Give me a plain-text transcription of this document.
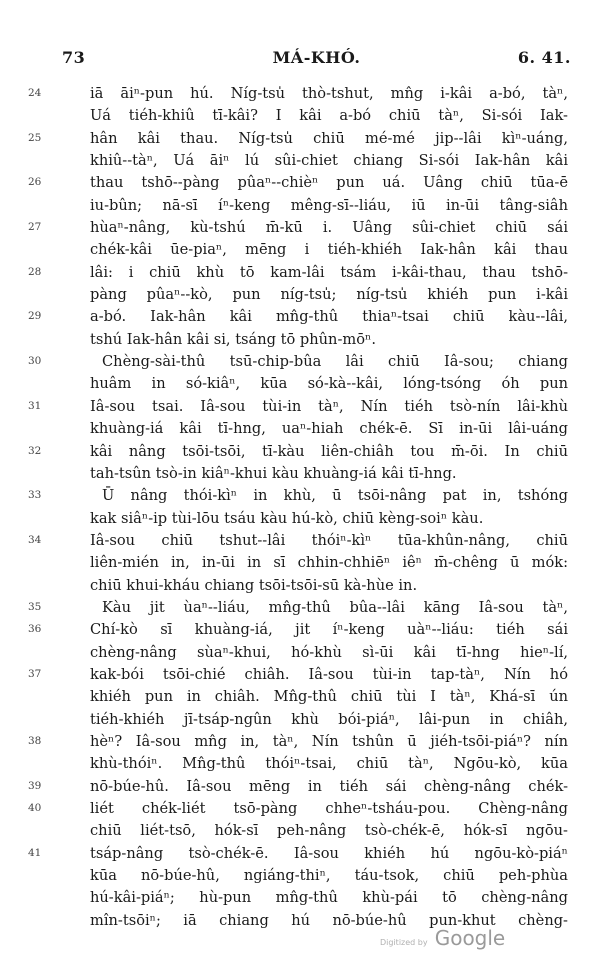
73	MÁ-KHÓ.	6. 41.
24	iā āiⁿ-pun hú. Níg-tsu̍ thò-tshut, mn̂g i-kâi a-bó, tàⁿ,
Uá tiéh-khiû tī-kâi? I kâi a-bó chiū tàⁿ, Si-sói Iak-
25	hân kâi thau. Níg-tsu̍ chiū mé-mé jip--lâi kìⁿ-uáng,
khiû--tàⁿ, Uá āiⁿ lú sûi-chiet chiang Si-sói Iak-hân kâi
26	thau tshō--pàng pûaⁿ--chièⁿ pun uá. Uâng chiū tūa-ē
iu-bûn; nā-sī íⁿ-keng mêng-sī--liáu, iū in-ūi tâng-siâh
27	hùaⁿ-nâng, kù-tshú m̄-kū i. Uâng sûi-chiet chiū sái
chék-kâi ūe-piaⁿ, mēng i tiéh-khiéh Iak-hân kâi thau
28	lâi: i chiū khù tō kam-lâi tsám i-kâi-thau, thau tshō-
pàng pûaⁿ--kò, pun níg-tsu̍; níg-tsu̍ khiéh pun i-kâi
29	a-bó. Iak-hân kâi mn̂g-thû thiaⁿ-tsai chiū kàu--lâi,
tshú Iak-hân kâi si, tsáng tō phûn-mōⁿ.
30	Chèng-sài-thû tsū-chip-bûa lâi chiū Iâ-sou; chiang
huâm in só-kiâⁿ, kūa só-kà--kâi, lóng-tsóng óh pun
31	Iâ-sou tsai. Iâ-sou tùi-in tàⁿ, Nín tiéh tsò-nín lâi-khù
khuàng-iá kâi tī-hng, uaⁿ-hiah chék-ē. Sī in-ūi lâi-uáng
32	kâi nâng tsōi-tsōi, tī-kàu liên-chiâh tou m̄-ōi. In chiū
tah-tsûn tsò-in kiâⁿ-khui kàu khuàng-iá kâi tī-hng.
33	Ū nâng thói-kìⁿ in khù, ū tsōi-nâng pat in, tshóng
kak siâⁿ-ip tùi-lōu tsáu kàu hú-kò, chiū kèng-soiⁿ kàu.
34	Iâ-sou chiū tshut--lâi thóiⁿ-kìⁿ tūa-khûn-nâng, chiū
liên-mién in, in-ūi in sī chhin-chhiēⁿ iêⁿ m̄-chêng ū mók:
chiū khui-kháu chiang tsōi-tsōi-sū kà-hùe in.
35	Kàu jit ùaⁿ--liáu, mn̂g-thû bûa--lâi kāng Iâ-sou tàⁿ,
36	Chí-kò sī khuàng-iá, jit íⁿ-keng uàⁿ--liáu: tiéh sái
chèng-nâng sùaⁿ-khui, hó-khù sì-ūi kâi tī-hng hieⁿ-lí,
37	kak-bói tsōi-chié chiâh. Iâ-sou tùi-in tap-tàⁿ, Nín hó
khiéh pun in chiâh. Mn̂g-thû chiū tùi I tàⁿ, Khá-sī ún
tiéh-khiéh jī-tsáp-ngûn khù bói-piáⁿ, lâi-pun in chiâh,
38	hèⁿ? Iâ-sou mn̂g in, tàⁿ, Nín tshûn ū jiéh-tsōi-piáⁿ? nín
khù-thóiⁿ. Mn̂g-thû thóiⁿ-tsai, chiū tàⁿ, Ngōu-kò, kūa
39	nō-búe-hû. Iâ-sou mēng in tiéh sái chèng-nâng chék-
40	liét chék-liét tsō-pàng chheⁿ-tsháu-pou. Chèng-nâng
chiū liét-tsō, hók-sī peh-nâng tsò-chék-ē, hók-sī ngōu-
41	tsáp-nâng tsò-chék-ē. Iâ-sou khiéh hú ngōu-kò-piáⁿ
kūa nō-búe-hû, ngiáng-thiⁿ, táu-tsok, chiū peh-phùa
hú-kâi-piáⁿ; hù-pun mn̂g-thû khù-pái tō chèng-nâng
mîn-tsōiⁿ; iā chiang hú nō-búe-hû pun-khut chèng-
Digitized by Google
